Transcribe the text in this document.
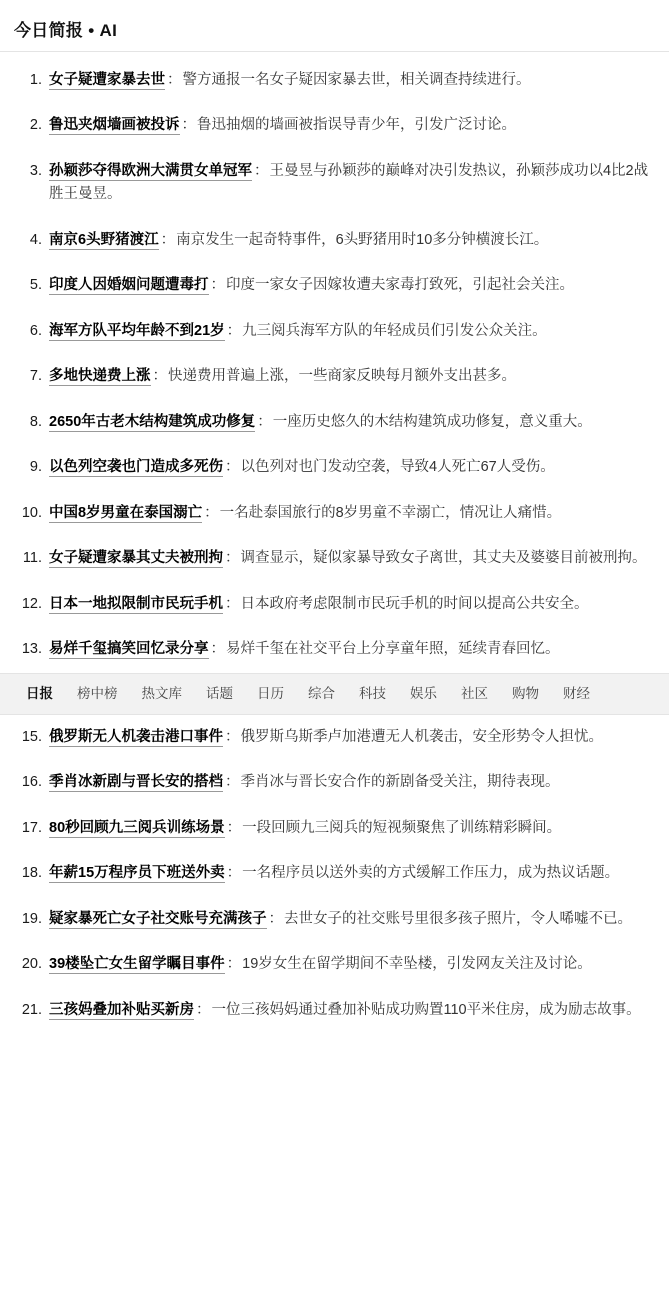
今日简报 • AI
1. 女子疑遭家暴去世 ：警方通报一名女子疑因家暴去世，相关调查持续进行。
2. 鲁迅夹烟墙画被投诉 ：鲁迅抽烟的墙画被指误导青少年，引发广泛讨论。
3. 孙颖莎夺得欧洲大满贯女单冠军 ：王曼昱与孙颖莎的巅峰对决引发热议，孙颖莎成功以4比2战胜王曼昱。
4. 南京6头野猪渡江 ：南京发生一起奇特事件，6头野猪用时10多分钟横渡长江。
5. 印度人因婚姻问题遭毒打 ：印度一家女子因嫁妆遭夫家毒打致死，引起社会关注。
6. 海军方队平均年龄不到21岁 ：九三阅兵海军方队的年轻成员们引发公众关注。
7. 多地快递费上涨 ：快递费用普遍上涨，一些商家反映每月额外支出甚多。
8. 2650年古老木结构建筑成功修复 ：一座历史悠久的木结构建筑成功修复，意义重大。
9. 以色列空袭也门造成多死伤 ：以色列对也门发动空袭，导致4人死亡67人受伤。
10. 中国8岁男童在泰国溺亡 ：一名赴泰国旅行的8岁男童不幸溺亡，情况让人痛惜。
11. 女子疑遭家暴其丈夫被刑拘 ：调查显示，疑似家暴导致女子离世，其丈夫及婆婆目前被刑拘。
12. 日本一地拟限制市民玩手机 ：日本政府考虑限制市民玩手机的时间以提高公共安全。
13. 易烊千玺搞笑回忆录分享 ：易烊千玺在社交平台上分享童年照，延续青春回忆。
日报	榜中榜	热文库	话题	日历	综合	科技	娱乐	社区	购物	财经
15. 俄罗斯无人机袭击港口事件 ：俄罗斯乌斯季卢加港遭无人机袭击，安全形势令人担忧。
16. 季肖冰新剧与晋长安的搭档 ：季肖冰与晋长安合作的新剧备受关注，期待表现。
17. 80秒回顾九三阅兵训练场景 ：一段回顾九三阅兵的短视频聚焦了训练精彩瞬间。
18. 年薪15万程序员下班送外卖 ：一名程序员以送外卖的方式缓解工作压力，成为热议话题。
19. 疑家暴死亡女子社交账号充满孩子 ：去世女子的社交账号里很多孩子照片，令人唏嘘不已。
20. 39楼坠亡女生留学瞩目事件 ：19岁女生在留学期间不幸坠楼，引发网友关注及讨论。
21. 三孩妈叠加补贴买新房 ：一位三孩妈妈通过叠加补贴成功购置110平米住房，成为励志故事。
